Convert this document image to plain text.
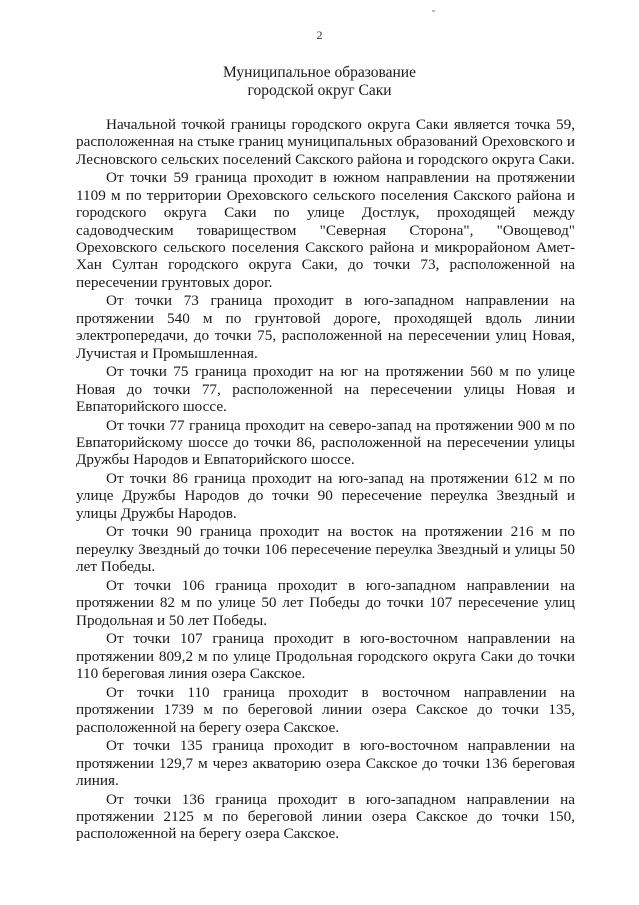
2
Муниципальное образование
городской округ Саки

Начальной точкой границы городского округа Саки является точка 59, расположенная на стыке границ муниципальных образований Ореховского и Лесновского сельских поселений Сакского района и городского округа Саки.

От точки 59 граница проходит в южном направлении на протяжении 1109 м по территории Ореховского сельского поселения Сакского района и городского округа Саки по улице Достлук, проходящей между садоводческим товариществом "Северная Сторона", "Овощевод" Ореховского сельского поселения Сакского района и микрорайоном Амет-Хан Султан городского округа Саки, до точки 73, расположенной на пересечении грунтовых дорог.

От точки 73 граница проходит в юго-западном направлении на протяжении 540 м по грунтовой дороге, проходящей вдоль линии электропередачи, до точки 75, расположенной на пересечении улиц Новая, Лучистая и Промышленная.

От точки 75 граница проходит на юг на протяжении 560 м по улице Новая до точки 77, расположенной на пересечении улицы Новая и Евпаторийского шоссе.

От точки 77 граница проходит на северо-запад на протяжении 900 м по Евпаторийскому шоссе до точки 86, расположенной на пересечении улицы Дружбы Народов и Евпаторийского шоссе.

От точки 86 граница проходит на юго-запад на протяжении 612 м по улице Дружбы Народов до точки 90 пересечение переулка Звездный и улицы Дружбы Народов.

От точки 90 граница проходит на восток на протяжении 216 м по переулку Звездный до точки 106 пересечение переулка Звездный и улицы 50 лет Победы.

От точки 106 граница проходит в юго-западном направлении на протяжении 82 м по улице 50 лет Победы до точки 107 пересечение улиц Продольная и 50 лет Победы.

От точки 107 граница проходит в юго-восточном направлении на протяжении 809,2 м по улице Продольная городского округа Саки до точки 110 береговая линия озера Сакское.

От точки 110 граница проходит в восточном направлении на протяжении 1739 м по береговой линии озера Сакское до точки 135, расположенной на берегу озера Сакское.

От точки 135 граница проходит в юго-восточном направлении на протяжении 129,7 м через акваторию озера Сакское до точки 136 береговая линия.

От точки 136 граница проходит в юго-западном направлении на протяжении 2125 м по береговой линии озера Сакское до точки 150, расположенной на берегу озера Сакское.
